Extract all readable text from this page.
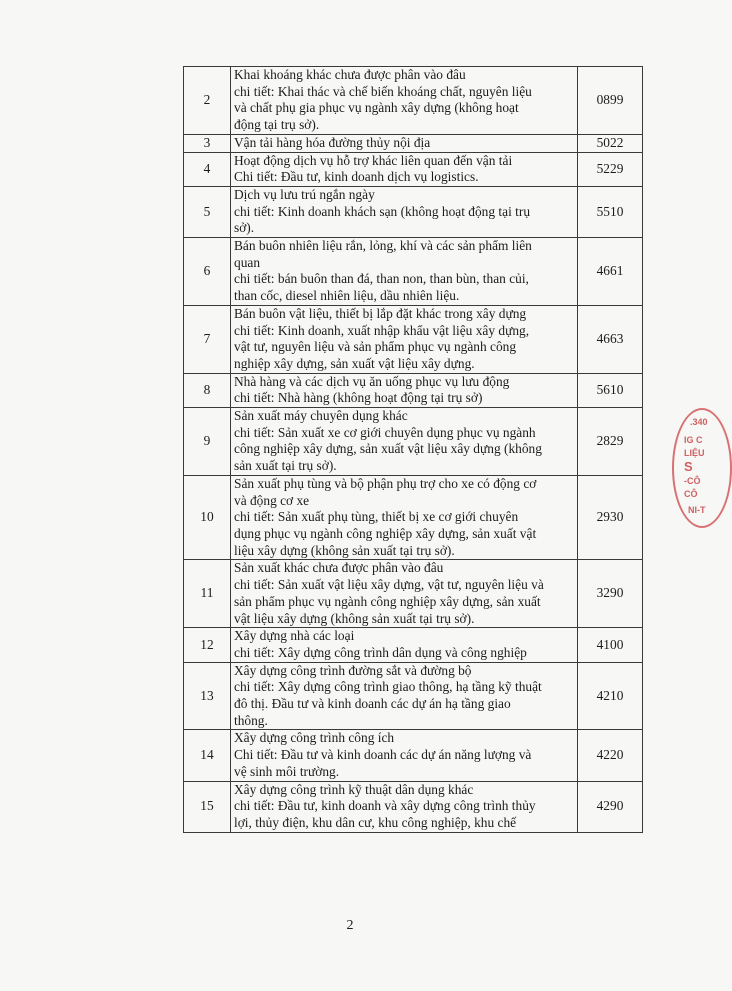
2	Khai khoáng khác chưa được phân vào đâu
chi tiết: Khai thác và chế biến khoáng chất, nguyên liệu
và chất phụ gia phục vụ ngành xây dựng (không hoạt
động tại trụ sở).	0899
3	Vận tải hàng hóa đường thủy nội địa	5022
4	Hoạt động dịch vụ hỗ trợ khác liên quan đến vận tải
Chi tiết: Đầu tư, kinh doanh dịch vụ logistics.	5229
5	Dịch vụ lưu trú ngắn ngày
chi tiết: Kinh doanh khách sạn (không hoạt động tại trụ
sở).	5510
6	Bán buôn nhiên liệu rắn, lỏng, khí và các sản phẩm liên
quan
chi tiết: bán buôn than đá, than non, than bùn, than củi,
than cốc, diesel nhiên liệu, dầu nhiên liệu.	4661
7	Bán buôn vật liệu, thiết bị lắp đặt khác trong xây dựng
chi tiết: Kinh doanh, xuất nhập khẩu vật liệu xây dựng,
vật tư, nguyên liệu và sản phẩm phục vụ ngành công
nghiệp xây dựng, sản xuất vật liệu xây dựng.	4663
8	Nhà hàng và các dịch vụ ăn uống phục vụ lưu động
chi tiết: Nhà hàng (không hoạt động tại trụ sở)	5610
9	Sản xuất máy chuyên dụng khác
chi tiết: Sản xuất xe cơ giới chuyên dụng phục vụ ngành
công nghiệp xây dựng, sản xuất vật liệu xây dựng (không
sản xuất tại trụ sở).	2829
10	Sản xuất phụ tùng và bộ phận phụ trợ cho xe có động cơ
và động cơ xe
chi tiết: Sản xuất phụ tùng, thiết bị xe cơ giới chuyên
dụng phục vụ ngành công nghiệp xây dựng, sản xuất vật
liệu xây dựng (không sản xuất tại trụ sở).	2930
11	Sản xuất khác chưa được phân vào đâu
chi tiết: Sản xuất vật liệu xây dựng, vật tư, nguyên liệu và
sản phẩm phục vụ ngành công nghiệp xây dựng, sản xuất
vật liệu xây dựng (không sản xuất tại trụ sở).	3290
12	Xây dựng nhà các loại
chi tiết: Xây dựng công trình dân dụng và công nghiệp	4100
13	Xây dựng công trình đường sắt và đường bộ
chi tiết: Xây dựng công trình giao thông, hạ tầng kỹ thuật
đô thị. Đầu tư và kinh doanh các dự án hạ tầng giao
thông.	4210
14	Xây dựng công trình công ích
Chi tiết: Đầu tư và kinh doanh các dự án năng lượng và
vệ sinh môi trường.	4220
15	Xây dựng công trình kỹ thuật dân dụng khác
chi tiết: Đầu tư, kinh doanh và xây dựng công trình thủy
lợi, thủy điện, khu dân cư, khu công nghiệp, khu chế	4290
2
.340
IG C
LIỆU
S
-CÔ
CÔ
NI-T
